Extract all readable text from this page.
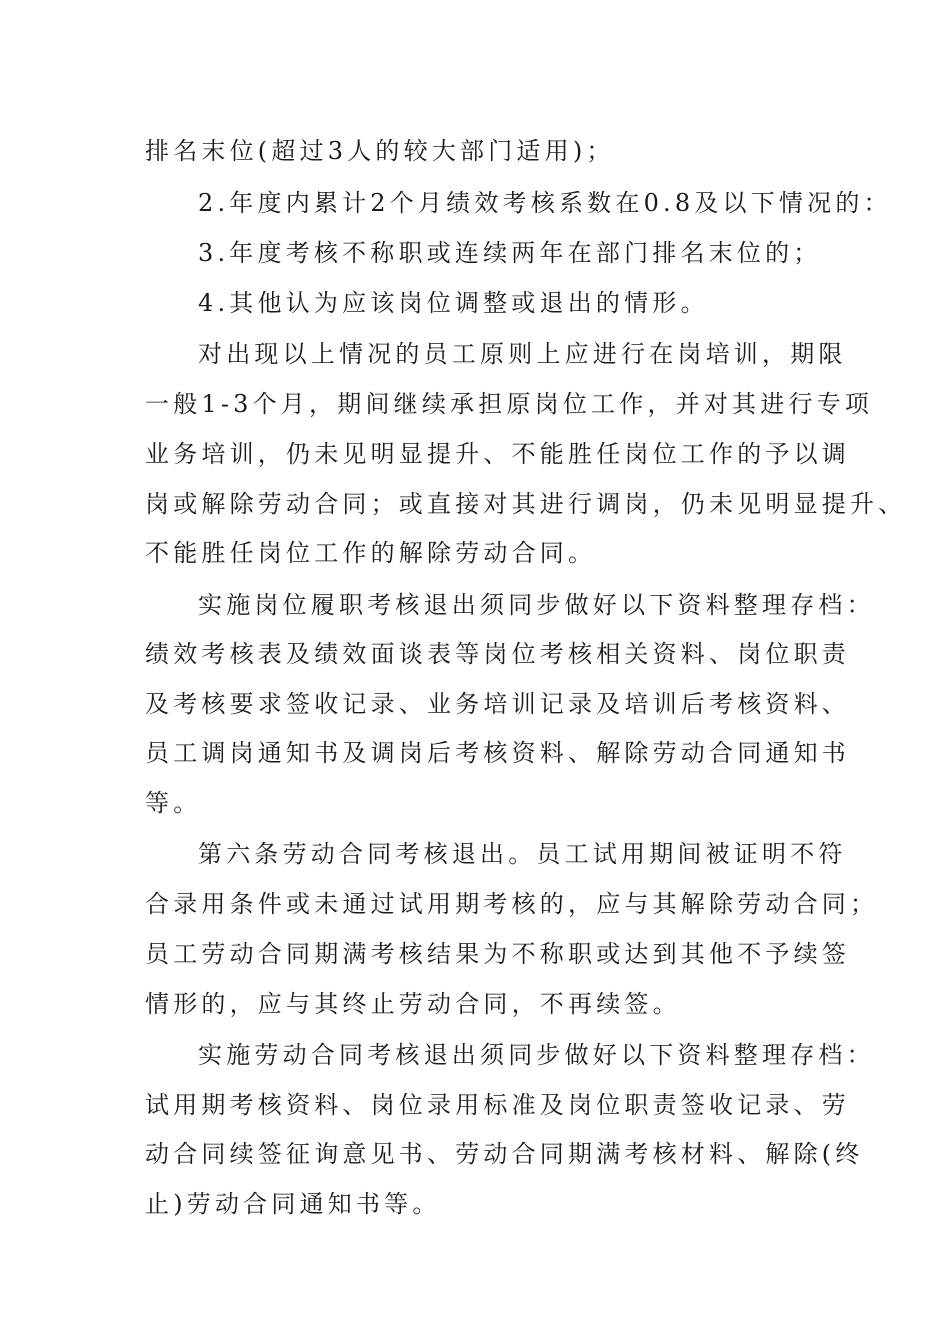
排名末位(超过3人的较大部门适用)；
2.年度内累计2个月绩效考核系数在0.8及以下情况的：
3.年度考核不称职或连续两年在部门排名末位的；
4.其他认为应该岗位调整或退出的情形。
对出现以上情况的员工原则上应进行在岗培训，期限
一般1-3个月，期间继续承担原岗位工作，并对其进行专项
业务培训，仍未见明显提升、不能胜任岗位工作的予以调
岗或解除劳动合同；或直接对其进行调岗，仍未见明显提升、
不能胜任岗位工作的解除劳动合同。
实施岗位履职考核退出须同步做好以下资料整理存档：
绩效考核表及绩效面谈表等岗位考核相关资料、岗位职责
及考核要求签收记录、业务培训记录及培训后考核资料、
员工调岗通知书及调岗后考核资料、解除劳动合同通知书
等。
第六条劳动合同考核退出。员工试用期间被证明不符
合录用条件或未通过试用期考核的，应与其解除劳动合同；
员工劳动合同期满考核结果为不称职或达到其他不予续签
情形的，应与其终止劳动合同，不再续签。
实施劳动合同考核退出须同步做好以下资料整理存档：
试用期考核资料、岗位录用标准及岗位职责签收记录、劳
动合同续签征询意见书、劳动合同期满考核材料、解除(终
止)劳动合同通知书等。
